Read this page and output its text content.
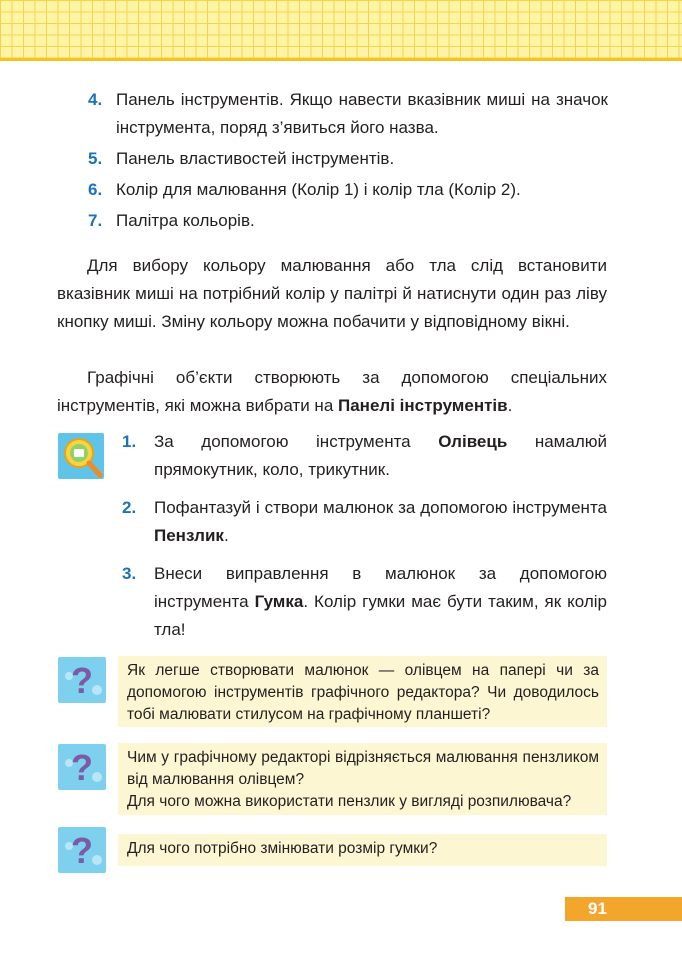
4. Панель інструментів. Якщо навести вказівник миші на значок інструмента, поряд з’явиться його назва.
5. Панель властивостей інструментів.
6. Колір для малювання (Колір 1) і колір тла (Колір 2).
7. Палітра кольорів.

Для вибору кольору малювання або тла слід встановити вказівник миші на потрібний колір у палітрі й натиснути один раз ліву кнопку миші. Зміну кольору можна побачити у відповідному вікні.

Графічні об’єкти створюють за допомогою спеціальних інструментів, які можна вибрати на Панелі інструментів.

1. За допомогою інструмента Олівець намалюй прямокутник, коло, трикутник.
2. Пофантазуй і створи малюнок за допомогою інструмента Пензлик.
3. Внеси виправлення в малюнок за допомогою інструмента Гумка. Колір гумки має бути таким, як колір тла!
?	Як легше створювати малюнок — олівцем на папері чи за допомогою інструментів графічного редактора? Чи доводилось тобі малювати стилусом на графічному планшеті?
?	Чим у графічному редакторі відрізняється малювання пензликом від малювання олівцем?
Для чого можна використати пензлик у вигляді розпилювача?
?	Для чого потрібно змінювати розмір гумки?
91
